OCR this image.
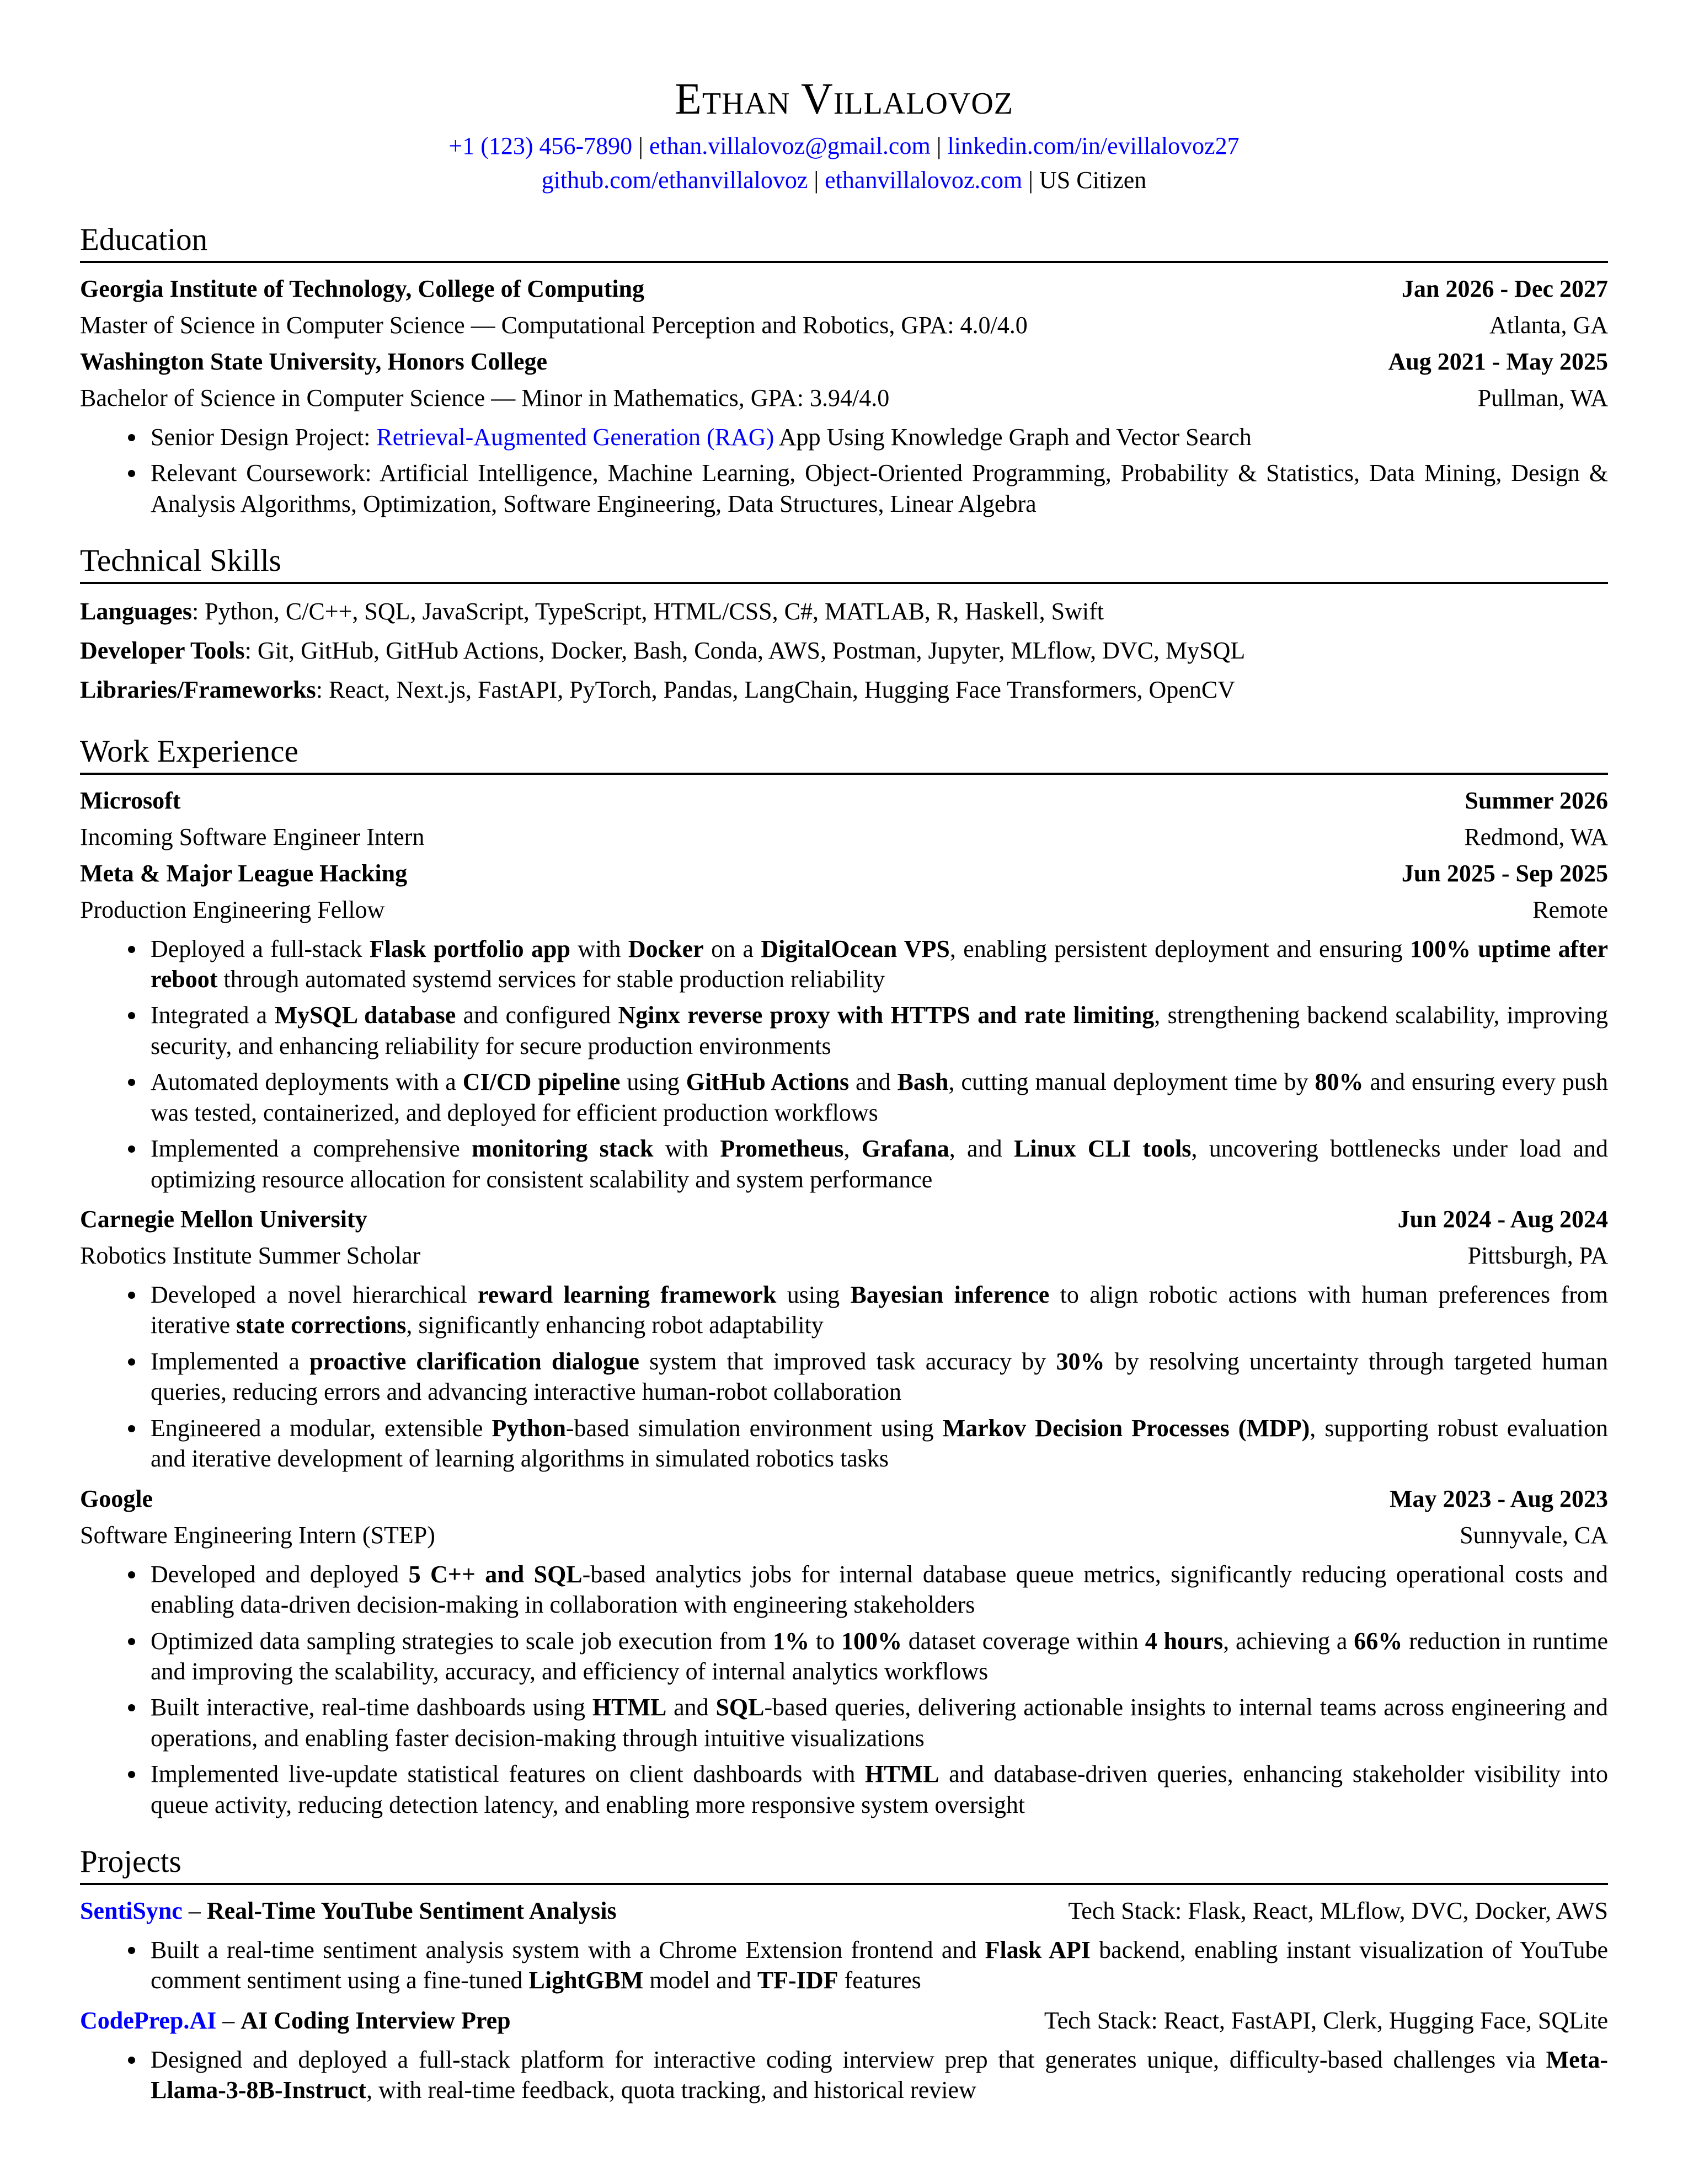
Ethan Villalovoz
+1 (123) 456-7890 | ethan.villalovoz@gmail.com | linkedin.com/in/evillalovoz27
github.com/ethanvillalovoz | ethanvillalovoz.com | US Citizen
Education
Georgia Institute of Technology, College of Computing	Jan 2026 - Dec 2027
Master of Science in Computer Science — Computational Perception and Robotics, GPA: 4.0/4.0	Atlanta, GA
Washington State University, Honors College	Aug 2021 - May 2025
Bachelor of Science in Computer Science — Minor in Mathematics, GPA: 3.94/4.0	Pullman, WA
• Senior Design Project: Retrieval-Augmented Generation (RAG) App Using Knowledge Graph and Vector Search
• Relevant Coursework: Artificial Intelligence, Machine Learning, Object-Oriented Programming, Probability & Statistics, Data Mining, Design & Analysis Algorithms, Optimization, Software Engineering, Data Structures, Linear Algebra
Technical Skills
Languages: Python, C/C++, SQL, JavaScript, TypeScript, HTML/CSS, C#, MATLAB, R, Haskell, Swift
Developer Tools: Git, GitHub, GitHub Actions, Docker, Bash, Conda, AWS, Postman, Jupyter, MLflow, DVC, MySQL
Libraries/Frameworks: React, Next.js, FastAPI, PyTorch, Pandas, LangChain, Hugging Face Transformers, OpenCV
Work Experience
Microsoft	Summer 2026
Incoming Software Engineer Intern	Redmond, WA
Meta & Major League Hacking	Jun 2025 - Sep 2025
Production Engineering Fellow	Remote
• Deployed a full-stack Flask portfolio app with Docker on a DigitalOcean VPS, enabling persistent deployment and ensuring 100% uptime after reboot through automated systemd services for stable production reliability
• Integrated a MySQL database and configured Nginx reverse proxy with HTTPS and rate limiting, strengthening backend scalability, improving security, and enhancing reliability for secure production environments
• Automated deployments with a CI/CD pipeline using GitHub Actions and Bash, cutting manual deployment time by 80% and ensuring every push was tested, containerized, and deployed for efficient production workflows
• Implemented a comprehensive monitoring stack with Prometheus, Grafana, and Linux CLI tools, uncovering bottlenecks under load and optimizing resource allocation for consistent scalability and system performance
Carnegie Mellon University	Jun 2024 - Aug 2024
Robotics Institute Summer Scholar	Pittsburgh, PA
• Developed a novel hierarchical reward learning framework using Bayesian inference to align robotic actions with human preferences from iterative state corrections, significantly enhancing robot adaptability
• Implemented a proactive clarification dialogue system that improved task accuracy by 30% by resolving uncertainty through targeted human queries, reducing errors and advancing interactive human-robot collaboration
• Engineered a modular, extensible Python-based simulation environment using Markov Decision Processes (MDP), supporting robust evaluation and iterative development of learning algorithms in simulated robotics tasks
Google	May 2023 - Aug 2023
Software Engineering Intern (STEP)	Sunnyvale, CA
• Developed and deployed 5 C++ and SQL-based analytics jobs for internal database queue metrics, significantly reducing operational costs and enabling data-driven decision-making in collaboration with engineering stakeholders
• Optimized data sampling strategies to scale job execution from 1% to 100% dataset coverage within 4 hours, achieving a 66% reduction in runtime and improving the scalability, accuracy, and efficiency of internal analytics workflows
• Built interactive, real-time dashboards using HTML and SQL-based queries, delivering actionable insights to internal teams across engineering and operations, and enabling faster decision-making through intuitive visualizations
• Implemented live-update statistical features on client dashboards with HTML and database-driven queries, enhancing stakeholder visibility into queue activity, reducing detection latency, and enabling more responsive system oversight
Projects
SentiSync – Real-Time YouTube Sentiment Analysis	Tech Stack: Flask, React, MLflow, DVC, Docker, AWS
• Built a real-time sentiment analysis system with a Chrome Extension frontend and Flask API backend, enabling instant visualization of YouTube comment sentiment using a fine-tuned LightGBM model and TF-IDF features
CodePrep.AI – AI Coding Interview Prep	Tech Stack: React, FastAPI, Clerk, Hugging Face, SQLite
• Designed and deployed a full-stack platform for interactive coding interview prep that generates unique, difficulty-based challenges via Meta-Llama-3-8B-Instruct, with real-time feedback, quota tracking, and historical review
